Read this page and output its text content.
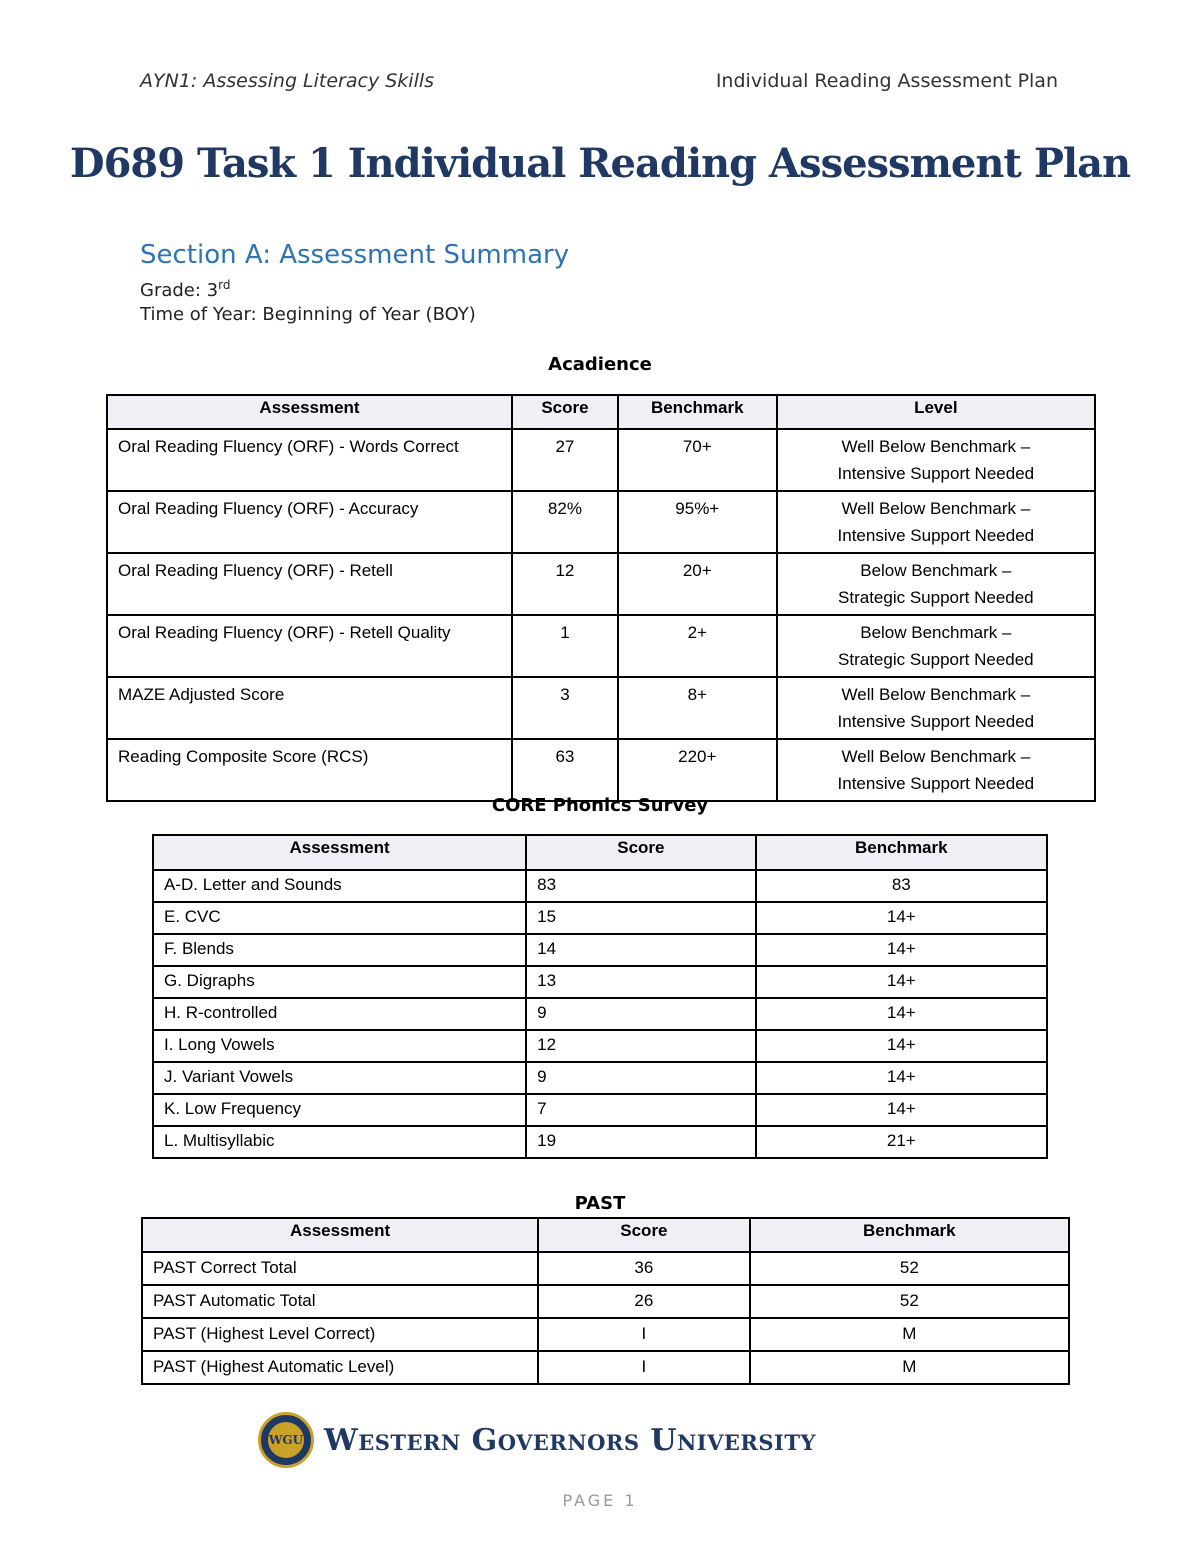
AYN1: Assessing Literacy Skills	Individual Reading Assessment Plan
D689 Task 1 Individual Reading Assessment Plan
Section A: Assessment Summary
Grade: 3rd
Time of Year: Beginning of Year (BOY)
Acadience
Assessment	Score	Benchmark	Level
Oral Reading Fluency (ORF) - Words Correct	27	70+	Well Below Benchmark –
Intensive Support Needed

Oral Reading Fluency (ORF) - Accuracy	82%	95%+	Well Below Benchmark –
Intensive Support Needed

Oral Reading Fluency (ORF) - Retell	12	20+	Below Benchmark –
Strategic Support Needed

Oral Reading Fluency (ORF) - Retell Quality	1	2+	Below Benchmark –
Strategic Support Needed

MAZE Adjusted Score	3	8+	Well Below Benchmark –
Intensive Support Needed

Reading Composite Score (RCS)	63	220+	Well Below Benchmark –
Intensive Support Needed
CORE Phonics Survey
Assessment	Score	Benchmark
A-D. Letter and Sounds	83	83
E. CVC	15	14+
F. Blends	14	14+
G. Digraphs	13	14+
H. R-controlled	9	14+
I. Long Vowels	12	14+
J. Variant Vowels	9	14+
K. Low Frequency	7	14+
L. Multisyllabic	19	21+
PAST
Assessment	Score	Benchmark
PAST Correct Total	36	52
PAST Automatic Total	26	52
PAST (Highest Level Correct)	I	M
PAST (Highest Automatic Level)	I	M
WGU Western Governors University
PAGE 1
